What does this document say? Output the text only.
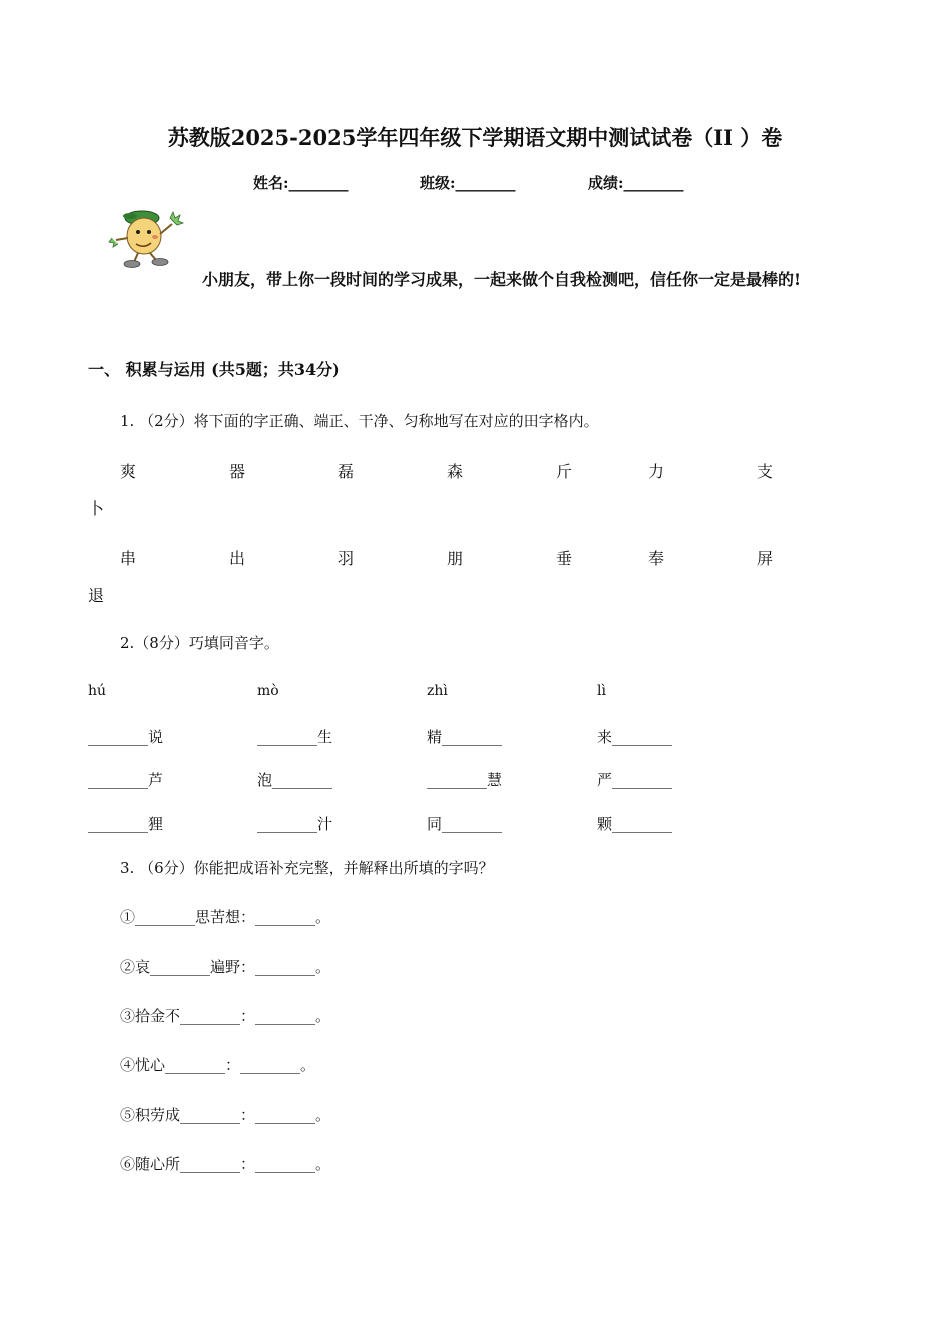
苏教版2025-2025学年四年级下学期语文期中测试试卷（II ）卷
姓名:________	班级:________	成绩:________
小朋友，带上你一段时间的学习成果，一起来做个自我检测吧，信任你一定是最棒的!
一、 积累与运用 (共5题；共34分)
1. （2分）将下面的字正确、端正、干净、匀称地写在对应的田字格内。
爽	器	磊	森	斤	力	支
卜
串	出	羽	朋	垂	奉	屏
退
2.（8分）巧填同音字。
hú	mò	zhì	lì
________说	________生	精________	来________
________芦	泡________	________慧	严________
________狸	________汁	同________	颗________
3. （6分）你能把成语补充完整，并解释出所填的字吗？
①________思苦想：________。
②哀________遍野：________。
③拾金不________：________。
④忧心________：________。
⑤积劳成________：________。
⑥随心所________：________。
